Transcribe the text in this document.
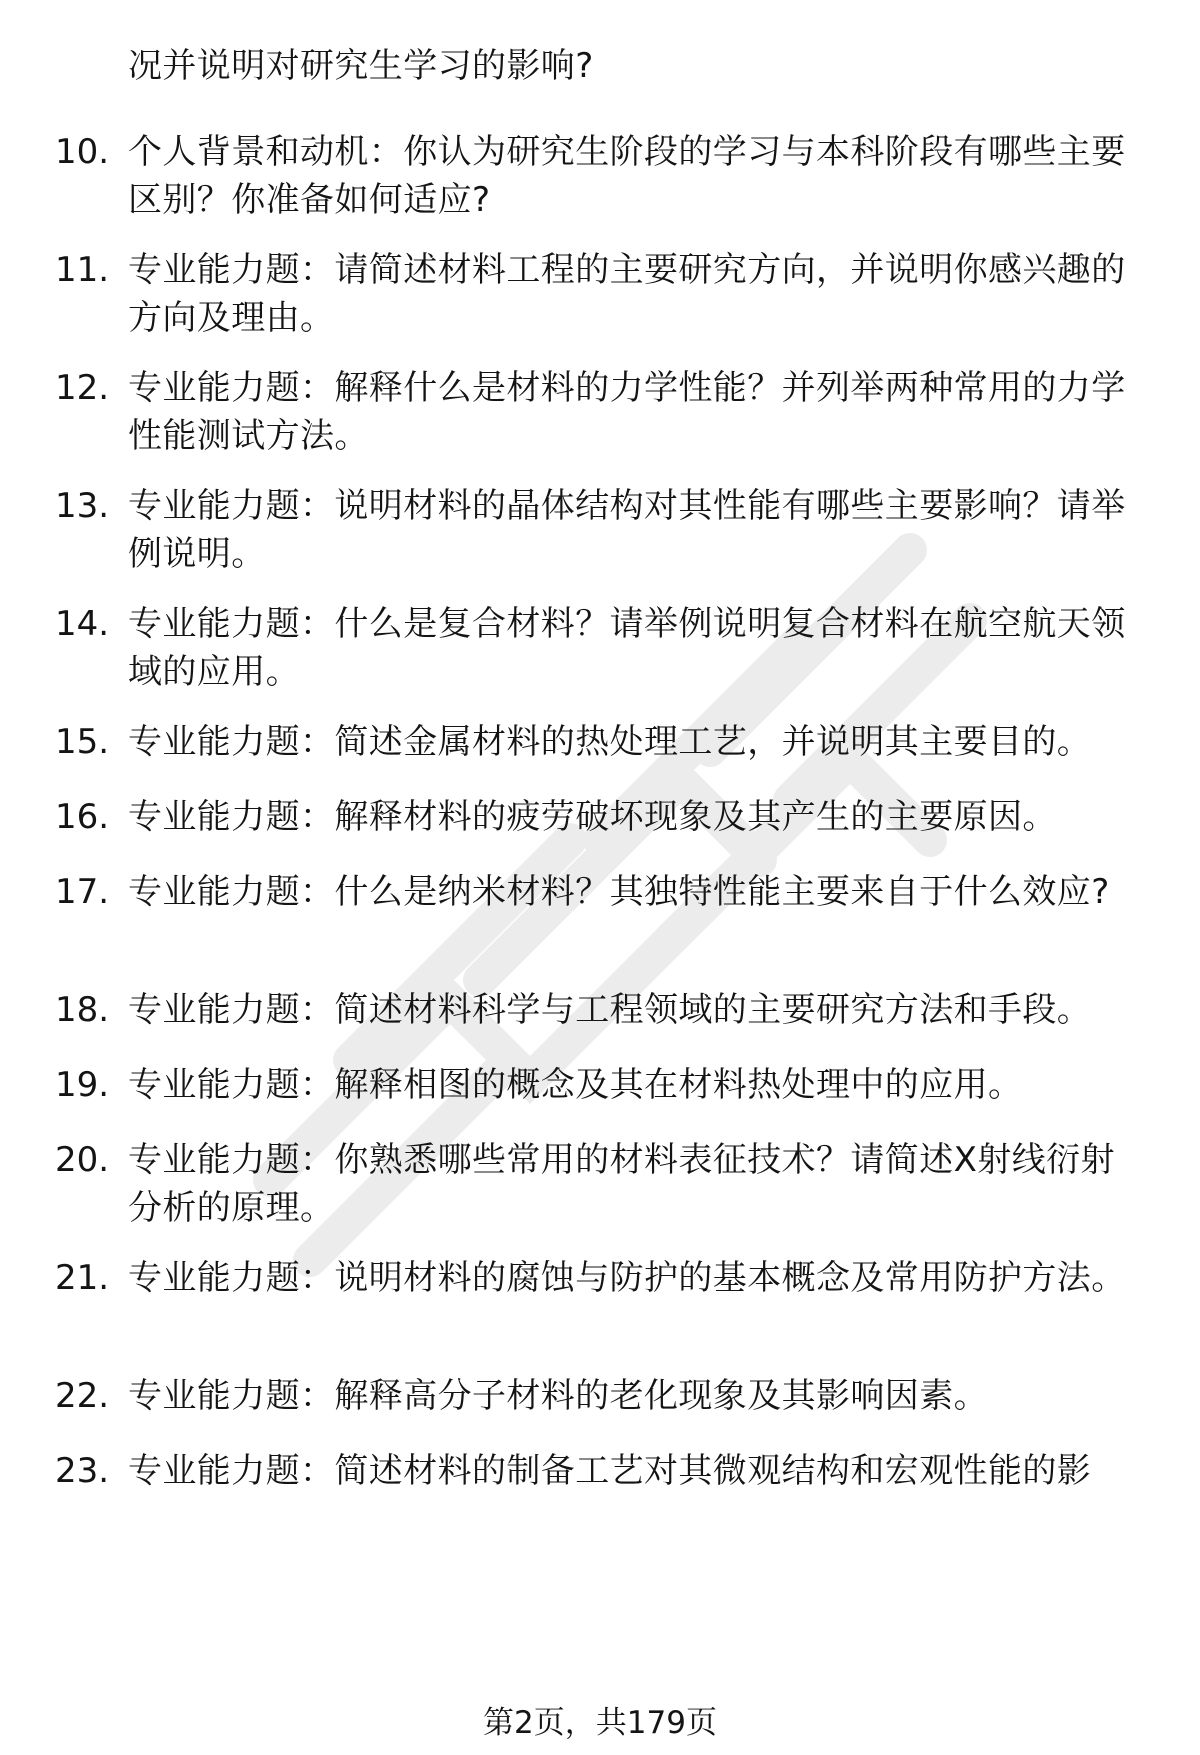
况并说明对研究生学习的影响?
10. 个人背景和动机：你认为研究生阶段的学习与本科阶段有哪些主要区别？你准备如何适应?
11. 专业能力题：请简述材料工程的主要研究方向，并说明你感兴趣的方向及理由。
12. 专业能力题：解释什么是材料的力学性能？并列举两种常用的力学性能测试方法。
13. 专业能力题：说明材料的晶体结构对其性能有哪些主要影响？请举例说明。
14. 专业能力题：什么是复合材料？请举例说明复合材料在航空航天领域的应用。
15. 专业能力题：简述金属材料的热处理工艺，并说明其主要目的。
16. 专业能力题：解释材料的疲劳破坏现象及其产生的主要原因。
17. 专业能力题：什么是纳米材料？其独特性能主要来自于什么效应?
18. 专业能力题：简述材料科学与工程领域的主要研究方法和手段。
19. 专业能力题：解释相图的概念及其在材料热处理中的应用。
20. 专业能力题：你熟悉哪些常用的材料表征技术？请简述X射线衍射分析的原理。
21. 专业能力题：说明材料的腐蚀与防护的基本概念及常用防护方法。
22. 专业能力题：解释高分子材料的老化现象及其影响因素。
23. 专业能力题：简述材料的制备工艺对其微观结构和宏观性能的影
第2页，共179页
